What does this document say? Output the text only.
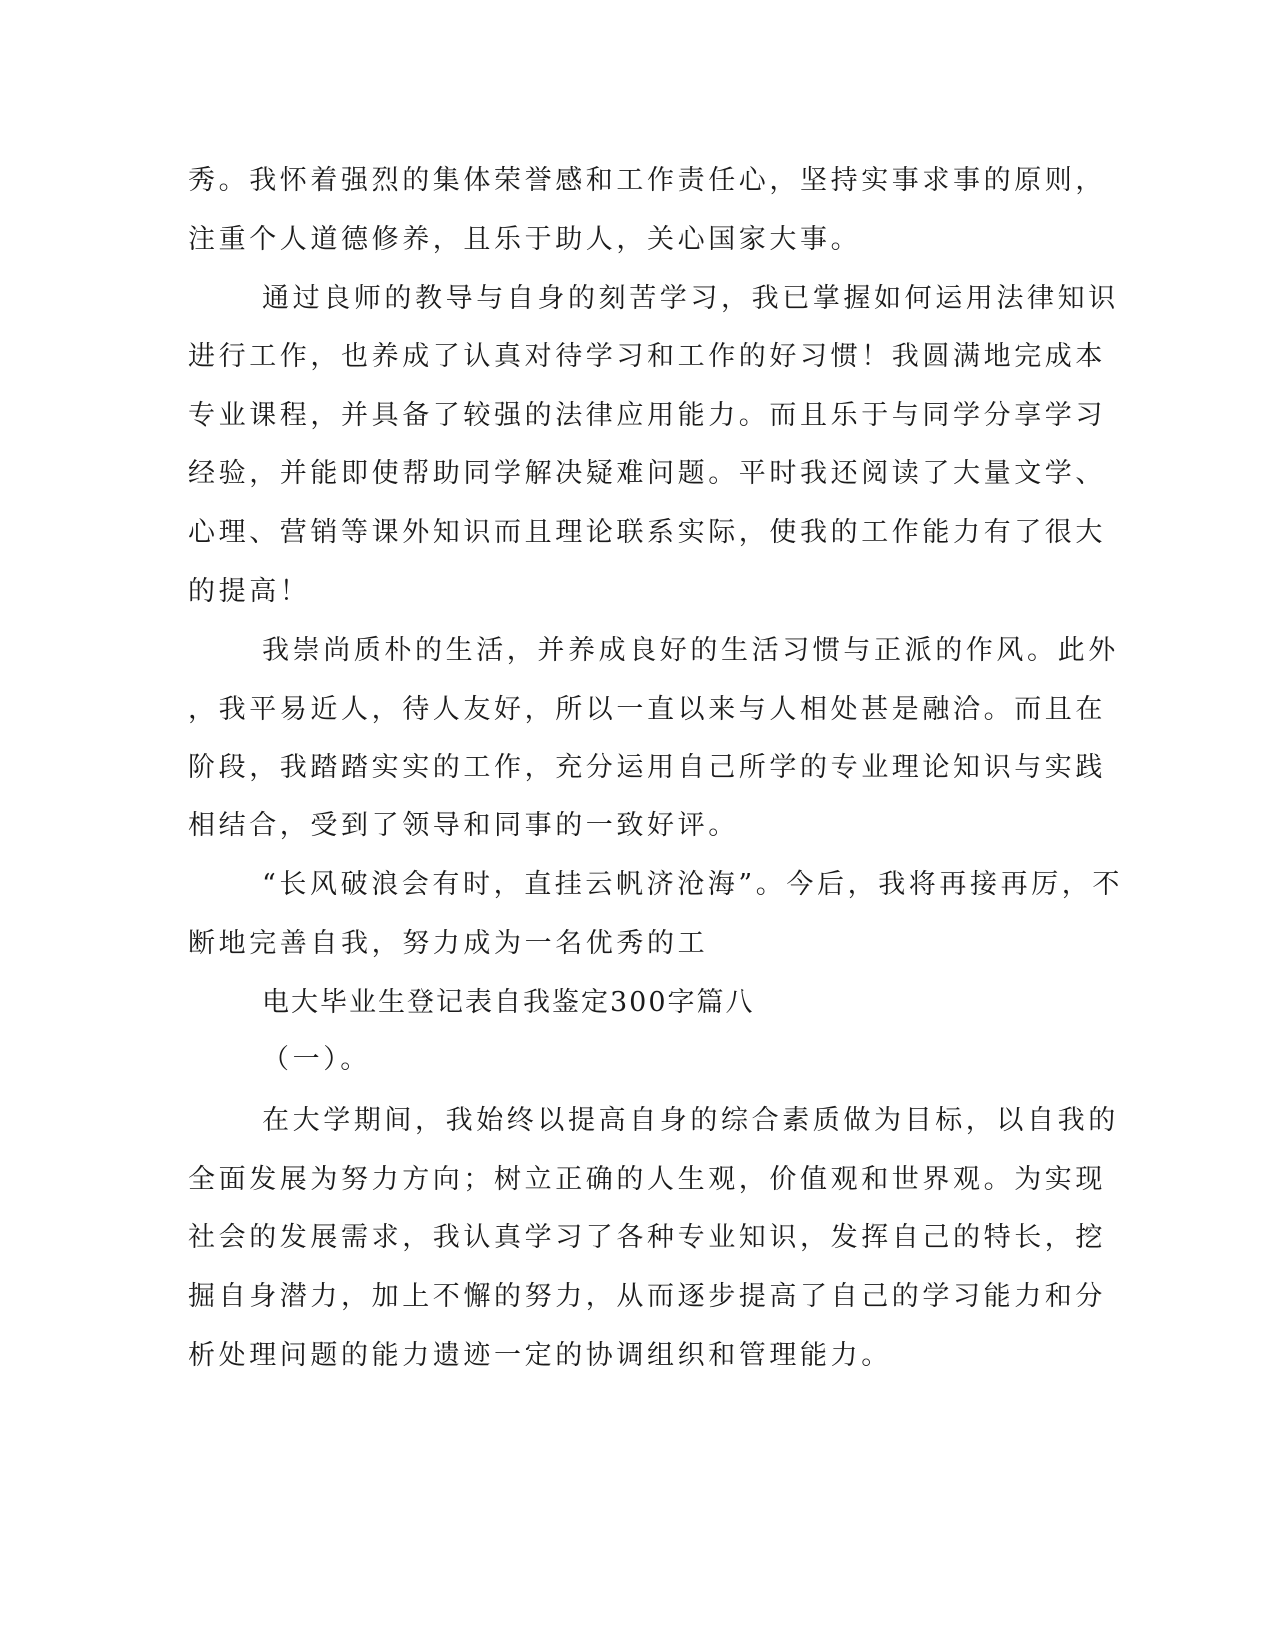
秀。我怀着强烈的集体荣誉感和工作责任心，坚持实事求事的原则，

注重个人道德修养，且乐于助人，关心国家大事。

通过良师的教导与自身的刻苦学习，我已掌握如何运用法律知识

进行工作，也养成了认真对待学习和工作的好习惯！我圆满地完成本

专业课程，并具备了较强的法律应用能力。而且乐于与同学分享学习

经验，并能即使帮助同学解决疑难问题。平时我还阅读了大量文学、

心理、营销等课外知识而且理论联系实际，使我的工作能力有了很大

的提高！

我崇尚质朴的生活，并养成良好的生活习惯与正派的作风。此外

，我平易近人，待人友好，所以一直以来与人相处甚是融洽。而且在

阶段，我踏踏实实的工作，充分运用自己所学的专业理论知识与实践

相结合，受到了领导和同事的一致好评。

“长风破浪会有时，直挂云帆济沧海”。今后，我将再接再厉，不

断地完善自我，努力成为一名优秀的工

电大毕业生登记表自我鉴定300字篇八

（一）。

在大学期间，我始终以提高自身的综合素质做为目标，以自我的

全面发展为努力方向；树立正确的人生观，价值观和世界观。为实现

社会的发展需求，我认真学习了各种专业知识，发挥自己的特长，挖

掘自身潜力，加上不懈的努力，从而逐步提高了自己的学习能力和分

析处理问题的能力遗迹一定的协调组织和管理能力。
